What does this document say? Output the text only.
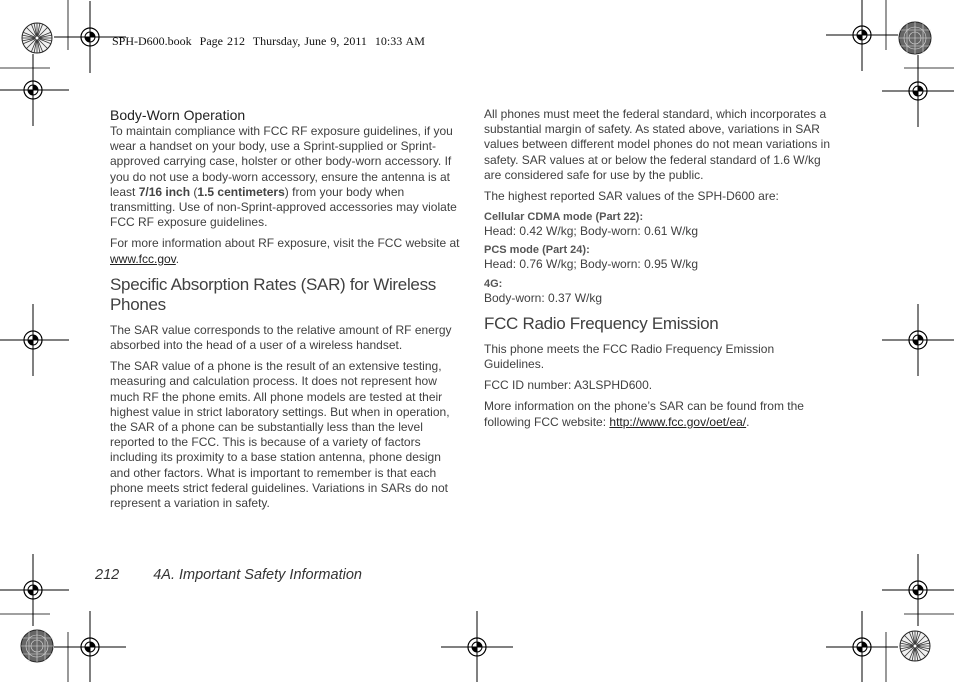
SPH-D600.book  Page 212  Thursday, June 9, 2011  10:33 AM
Body-Worn Operation

To maintain compliance with FCC RF exposure guidelines, if you wear a handset on your body, use a Sprint-supplied or Sprint-approved carrying case, holster or other body-worn accessory. If you do not use a body-worn accessory, ensure the antenna is at least 7/16 inch (1.5 centimeters) from your body when transmitting. Use of non-Sprint-approved accessories may violate FCC RF exposure guidelines.

For more information about RF exposure, visit the FCC website at www.fcc.gov.

Specific Absorption Rates (SAR) for Wireless Phones

The SAR value corresponds to the relative amount of RF energy absorbed into the head of a user of a wireless handset.

The SAR value of a phone is the result of an extensive testing, measuring and calculation process. It does not represent how much RF the phone emits. All phone models are tested at their highest value in strict laboratory settings. But when in operation, the SAR of a phone can be substantially less than the level reported to the FCC. This is because of a variety of factors including its proximity to a base station antenna, phone design and other factors. What is important to remember is that each phone meets strict federal guidelines. Variations in SARs do not represent a variation in safety.

All phones must meet the federal standard, which incorporates a substantial margin of safety. As stated above, variations in SAR values between different model phones do not mean variations in safety. SAR values at or below the federal standard of 1.6 W/kg are considered safe for use by the public.

The highest reported SAR values of the SPH-D600 are:

Cellular CDMA mode (Part 22):
Head: 0.42 W/kg; Body-worn: 0.61 W/kg
PCS mode (Part 24):
Head: 0.76 W/kg; Body-worn: 0.95 W/kg
4G:
Body-worn: 0.37 W/kg
FCC Radio Frequency Emission

This phone meets the FCC Radio Frequency Emission Guidelines.

FCC ID number: A3LSPHD600.

More information on the phone’s SAR can be found from the following FCC website: http://www.fcc.gov/oet/ea/.

212 4A. Important Safety Information
